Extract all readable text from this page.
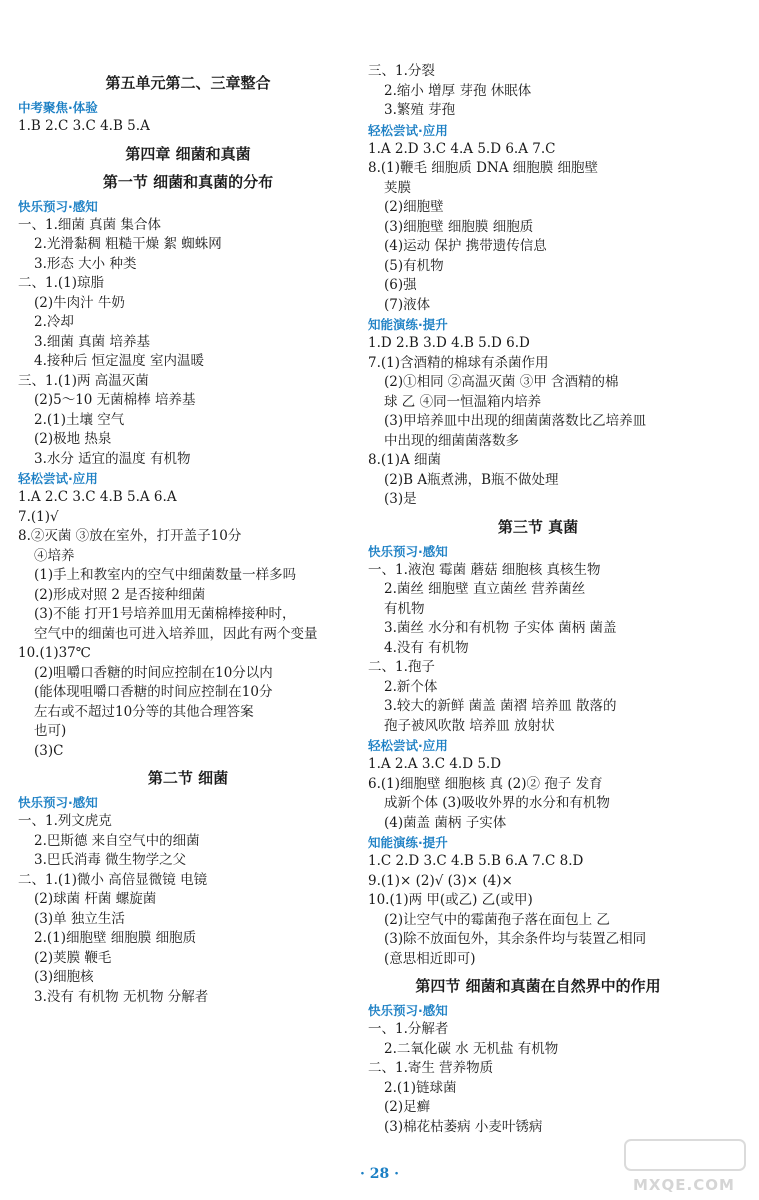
第五单元第二、三章整合
中考聚焦·体验
1.B 2.C 3.C 4.B 5.A
第四章 细菌和真菌
第一节 细菌和真菌的分布
快乐预习·感知
一、1.细菌 真菌 集合体
2.光滑黏稠 粗糙干燥 絮 蜘蛛网
3.形态 大小 种类
二、1.(1)琼脂
(2)牛肉汁 牛奶
2.冷却
3.细菌 真菌 培养基
4.接种后 恒定温度 室内温暖
三、1.(1)两 高温灭菌
(2)5～10 无菌棉棒 培养基
2.(1)土壤 空气
(2)极地 热泉
3.水分 适宜的温度 有机物
轻松尝试·应用
1.A 2.C 3.C 4.B 5.A 6.A
7.(1)√
8.②灭菌 ③放在室外，打开盖子10分
④培养
(1)手上和教室内的空气中细菌数量一样多吗
(2)形成对照 2 是否接种细菌
(3)不能 打开1号培养皿用无菌棉棒接种时，
空气中的细菌也可进入培养皿，因此有两个变量
10.(1)37℃
(2)咀嚼口香糖的时间应控制在10分以内
(能体现咀嚼口香糖的时间应控制在10分
左右或不超过10分等的其他合理答案
也可)
(3)C
第二节 细菌
快乐预习·感知
一、1.列文虎克
2.巴斯德 来自空气中的细菌
3.巴氏消毒 微生物学之父
二、1.(1)微小 高倍显微镜 电镜
(2)球菌 杆菌 螺旋菌
(3)单 独立生活
2.(1)细胞壁 细胞膜 细胞质
(2)荚膜 鞭毛
(3)细胞核
3.没有 有机物 无机物 分解者
三、1.分裂
2.缩小 增厚 芽孢 休眠体
3.繁殖 芽孢
轻松尝试·应用
1.A 2.D 3.C 4.A 5.D 6.A 7.C
8.(1)鞭毛 细胞质 DNA 细胞膜 细胞壁
荚膜
(2)细胞壁
(3)细胞壁 细胞膜 细胞质
(4)运动 保护 携带遗传信息
(5)有机物
(6)强
(7)液体
知能演练·提升
1.D 2.B 3.D 4.B 5.D 6.D
7.(1)含酒精的棉球有杀菌作用
(2)①相同 ②高温灭菌 ③甲 含酒精的棉
球 乙 ④同一恒温箱内培养
(3)甲培养皿中出现的细菌菌落数比乙培养皿
中出现的细菌菌落数多
8.(1)A 细菌
(2)B A瓶煮沸，B瓶不做处理
(3)是
第三节 真菌
快乐预习·感知
一、1.液泡 霉菌 蘑菇 细胞核 真核生物
2.菌丝 细胞壁 直立菌丝 营养菌丝
有机物
3.菌丝 水分和有机物 子实体 菌柄 菌盖
4.没有 有机物
二、1.孢子
2.新个体
3.较大的新鲜 菌盖 菌褶 培养皿 散落的
孢子被风吹散 培养皿 放射状
轻松尝试·应用
1.A 2.A 3.C 4.D 5.D
6.(1)细胞壁 细胞核 真 (2)② 孢子 发育
成新个体 (3)吸收外界的水分和有机物
(4)菌盖 菌柄 子实体
知能演练·提升
1.C 2.D 3.C 4.B 5.B 6.A 7.C 8.D
9.(1)× (2)√ (3)× (4)×
10.(1)两 甲(或乙) 乙(或甲)
(2)让空气中的霉菌孢子落在面包上 乙
(3)除不放面包外，其余条件均与装置乙相同
(意思相近即可)
第四节 细菌和真菌在自然界中的作用
快乐预习·感知
一、1.分解者
2.二氧化碳 水 无机盐 有机物
二、1.寄生 营养物质
2.(1)链球菌
(2)足癣
(3)棉花枯萎病 小麦叶锈病
· 28 ·
MXQE.COM
